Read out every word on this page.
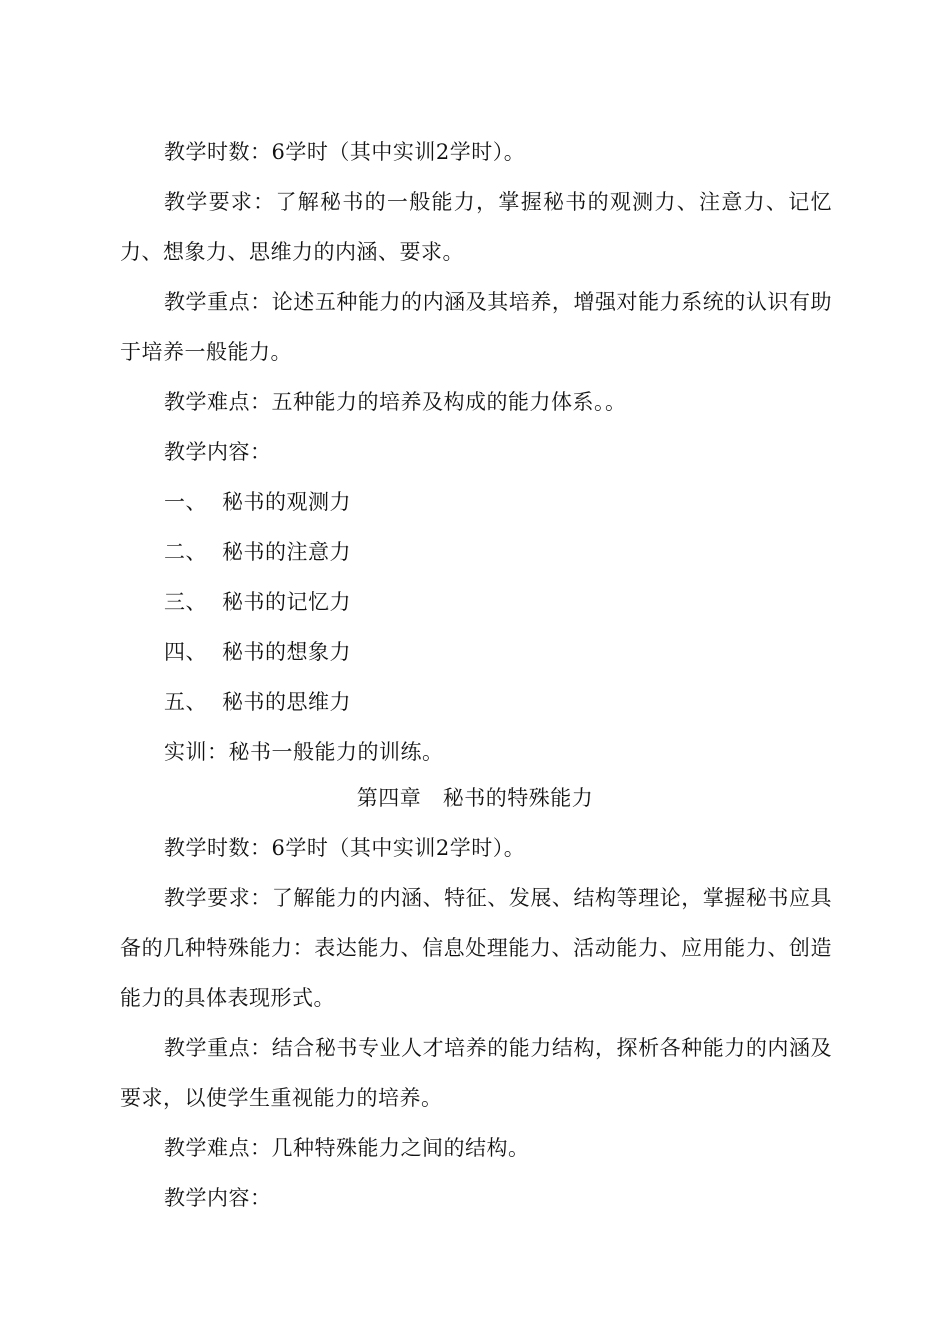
教学时数：6学时（其中实训2学时）。

教学要求：了解秘书的一般能力，掌握秘书的观测力、注意力、记忆力、想象力、思维力的内涵、要求。

教学重点：论述五种能力的内涵及其培养，增强对能力系统的认识有助于培养一般能力。

教学难点：五种能力的培养及构成的能力体系。。

教学内容：

一、 秘书的观测力

二、 秘书的注意力

三、 秘书的记忆力

四、 秘书的想象力

五、 秘书的思维力

实训：秘书一般能力的训练。

第四章　秘书的特殊能力

教学时数：6学时（其中实训2学时）。

教学要求：了解能力的内涵、特征、发展、结构等理论，掌握秘书应具备的几种特殊能力：表达能力、信息处理能力、活动能力、应用能力、创造能力的具体表现形式。

教学重点：结合秘书专业人才培养的能力结构，探析各种能力的内涵及要求，以使学生重视能力的培养。

教学难点：几种特殊能力之间的结构。

教学内容：
